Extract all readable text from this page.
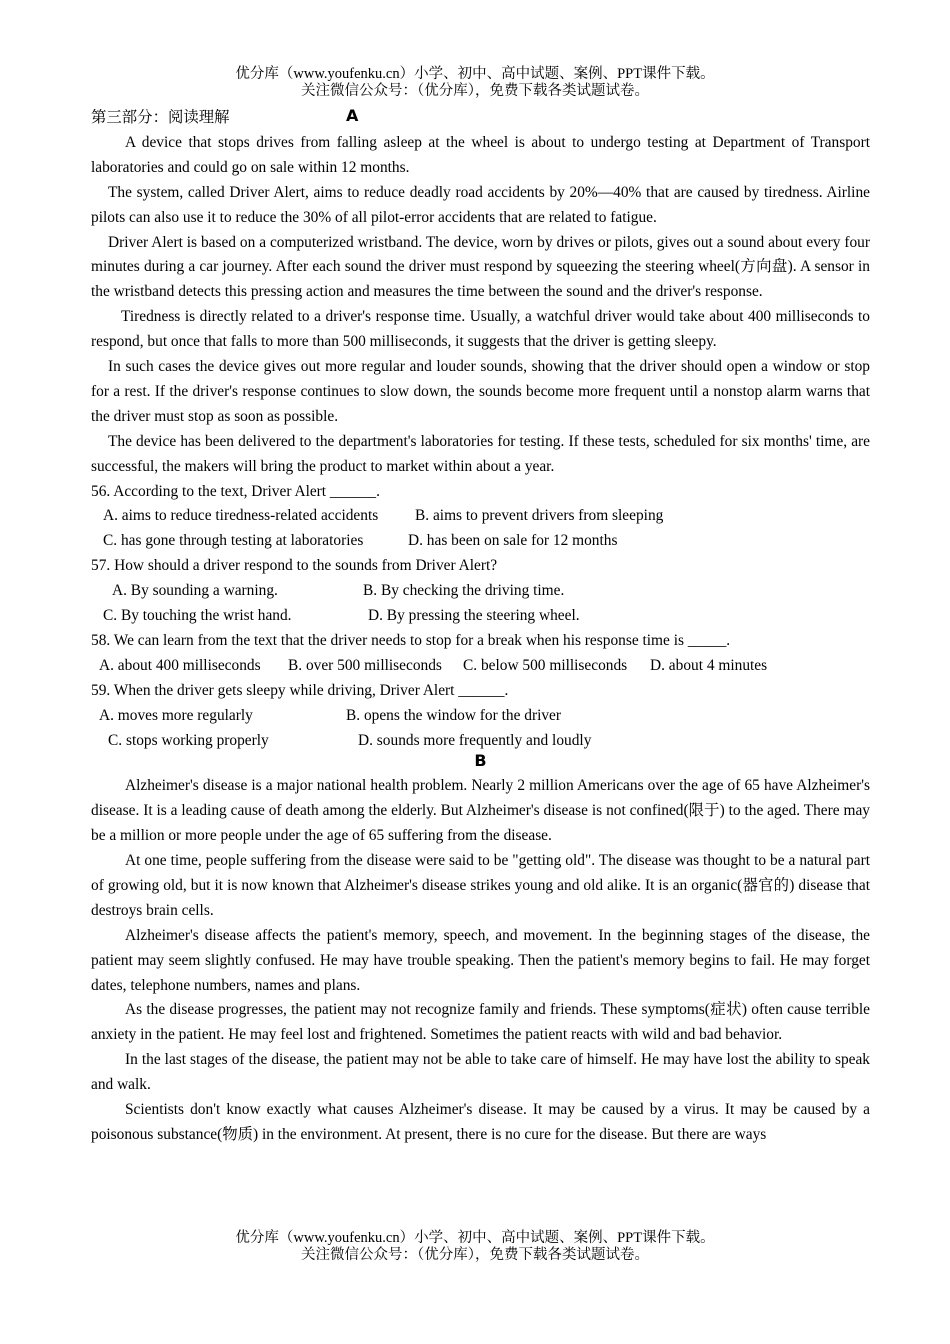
优分库（www.youfenku.cn）小学、初中、高中试题、案例、PPT课件下载。
关注微信公众号：（优分库），免费下载各类试题试卷。
第三部分：阅读理解	A

A device that stops drives from falling asleep at the wheel is about to undergo testing at Department of Transport laboratories and could go on sale within 12 months.

The system, called Driver Alert, aims to reduce deadly road accidents by 20%—40% that are caused by tiredness. Airline pilots can also use it to reduce the 30% of all pilot-error accidents that are related to fatigue.

Driver Alert is based on a computerized wristband. The device, worn by drives or pilots, gives out a sound about every four minutes during a car journey. After each sound the driver must respond by squeezing the steering wheel(方向盘). A sensor in the wristband detects this pressing action and measures the time between the sound and the driver's response.

Tiredness is directly related to a driver's response time. Usually, a watchful driver would take about 400 milliseconds to respond, but once that falls to more than 500 milliseconds, it suggests that the driver is getting sleepy.

In such cases the device gives out more regular and louder sounds, showing that the driver should open a window or stop for a rest. If the driver's response continues to slow down, the sounds become more frequent until a nonstop alarm warns that the driver must stop as soon as possible.

The device has been delivered to the department's laboratories for testing. If these tests, scheduled for six months' time, are successful, the makers will bring the product to market within about a year.

56. According to the text, Driver Alert ______.
A. aims to reduce tiredness-related accidents B. aims to prevent drivers from sleeping
C. has gone through testing at laboratories	D. has been on sale for 12 months
57. How should a driver respond to the sounds from Driver Alert?
A. By sounding a warning.	B. By checking the driving time.
C. By touching the wrist hand.	D. By pressing the steering wheel.
58. We can learn from the text that the driver needs to stop for a break when his response time is _____.
A. about 400 milliseconds B. over 500 milliseconds C. below 500 milliseconds D. about 4 minutes
59. When the driver gets sleepy while driving, Driver Alert ______.
A. moves more regularly	B. opens the window for the driver
C. stops working properly	D. sounds more frequently and loudly
B

Alzheimer's disease is a major national health problem. Nearly 2 million Americans over the age of 65 have Alzheimer's disease. It is a leading cause of death among the elderly. But Alzheimer's disease is not confined(限于) to the aged. There may be a million or more people under the age of 65 suffering from the disease.

At one time, people suffering from the disease were said to be "getting old". The disease was thought to be a natural part of growing old, but it is now known that Alzheimer's disease strikes young and old alike. It is an organic(器官的) disease that destroys brain cells.

Alzheimer's disease affects the patient's memory, speech, and movement. In the beginning stages of the disease, the patient may seem slightly confused. He may have trouble speaking. Then the patient's memory begins to fail. He may forget dates, telephone numbers, names and plans.

As the disease progresses, the patient may not recognize family and friends. These symptoms(症状) often cause terrible anxiety in the patient. He may feel lost and frightened. Sometimes the patient reacts with wild and bad behavior.

In the last stages of the disease, the patient may not be able to take care of himself. He may have lost the ability to speak and walk.

Scientists don't know exactly what causes Alzheimer's disease. It may be caused by a virus. It may be caused by a poisonous substance(物质) in the environment. At present, there is no cure for the disease. But there are ways

优分库（www.youfenku.cn）小学、初中、高中试题、案例、PPT课件下载。
关注微信公众号：（优分库），免费下载各类试题试卷。
